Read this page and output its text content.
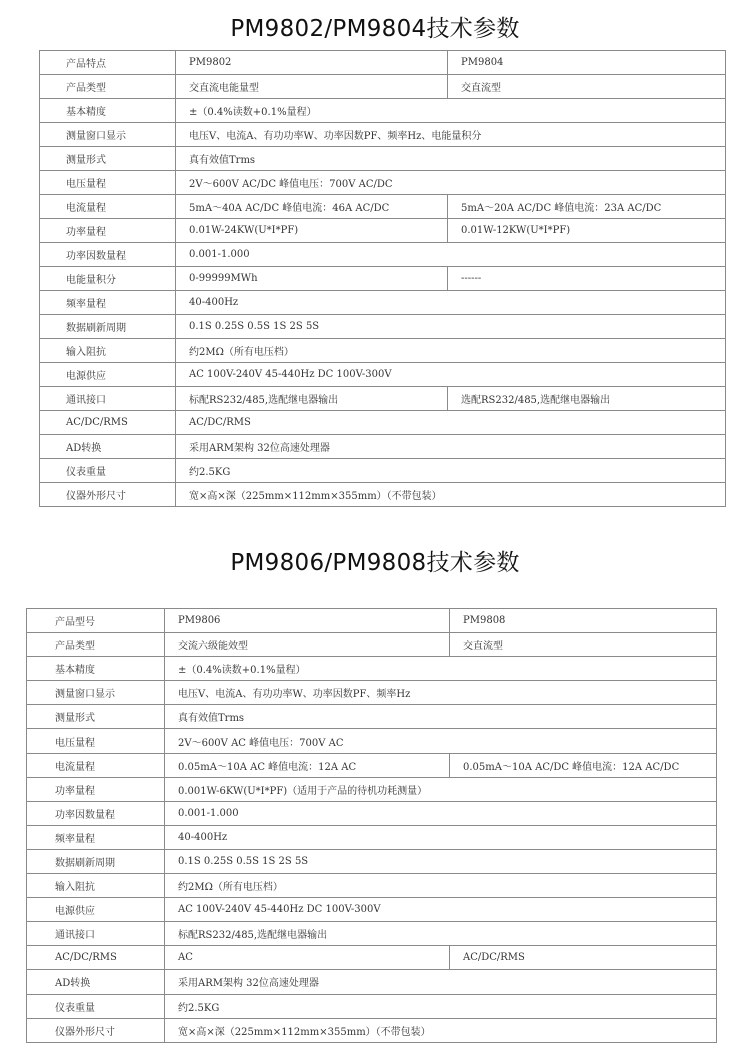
PM9802/PM9804技术参数
产品特点	PM9802	PM9804
产品类型	交直流电能量型	交直流型
基本精度	±（0.4%读数+0.1%量程）	
测量窗口显示	电压V、电流A、有功功率W、功率因数PF、频率Hz、电能量积分	
测量形式	真有效值Trms	
电压量程	2V～600V AC/DC 峰值电压：700V AC/DC	
电流量程	5mA～40A AC/DC 峰值电流：46A AC/DC	5mA～20A AC/DC 峰值电流：23A AC/DC
功率量程	0.01W-24KW(U*I*PF)	0.01W-12KW(U*I*PF)
功率因数量程	0.001-1.000	
电能量积分	0-99999MWh	------
频率量程	40-400Hz	
数据刷新周期	0.1S 0.25S 0.5S 1S 2S 5S	
输入阻抗	约2MΩ（所有电压档）	
电源供应	AC 100V-240V 45-440Hz DC 100V-300V	
通讯接口	标配RS232/485,选配继电器输出	选配RS232/485,选配继电器输出
AC/DC/RMS	AC/DC/RMS	
AD转换	采用ARM架构 32位高速处理器	
仪表重量	约2.5KG	
仪器外形尺寸	宽×高×深（225mm×112mm×355mm）（不带包装）	
PM9806/PM9808技术参数
产品型号	PM9806	PM9808
产品类型	交流六级能效型	交直流型
基本精度	±（0.4%读数+0.1%量程）	
测量窗口显示	电压V、电流A、有功功率W、功率因数PF、频率Hz	
测量形式	真有效值Trms	
电压量程	2V～600V AC 峰值电压：700V AC	
电流量程	0.05mA～10A AC 峰值电流：12A AC	0.05mA～10A AC/DC 峰值电流：12A AC/DC
功率量程	0.001W-6KW(U*I*PF)（适用于产品的待机功耗测量）	
功率因数量程	0.001-1.000	
频率量程	40-400Hz	
数据刷新周期	0.1S 0.25S 0.5S 1S 2S 5S	
输入阻抗	约2MΩ（所有电压档）	
电源供应	AC 100V-240V 45-440Hz DC 100V-300V	
通讯接口	标配RS232/485,选配继电器输出	
AC/DC/RMS	AC	AC/DC/RMS
AD转换	采用ARM架构 32位高速处理器	
仪表重量	约2.5KG	
仪器外形尺寸	宽×高×深（225mm×112mm×355mm）（不带包装）	
